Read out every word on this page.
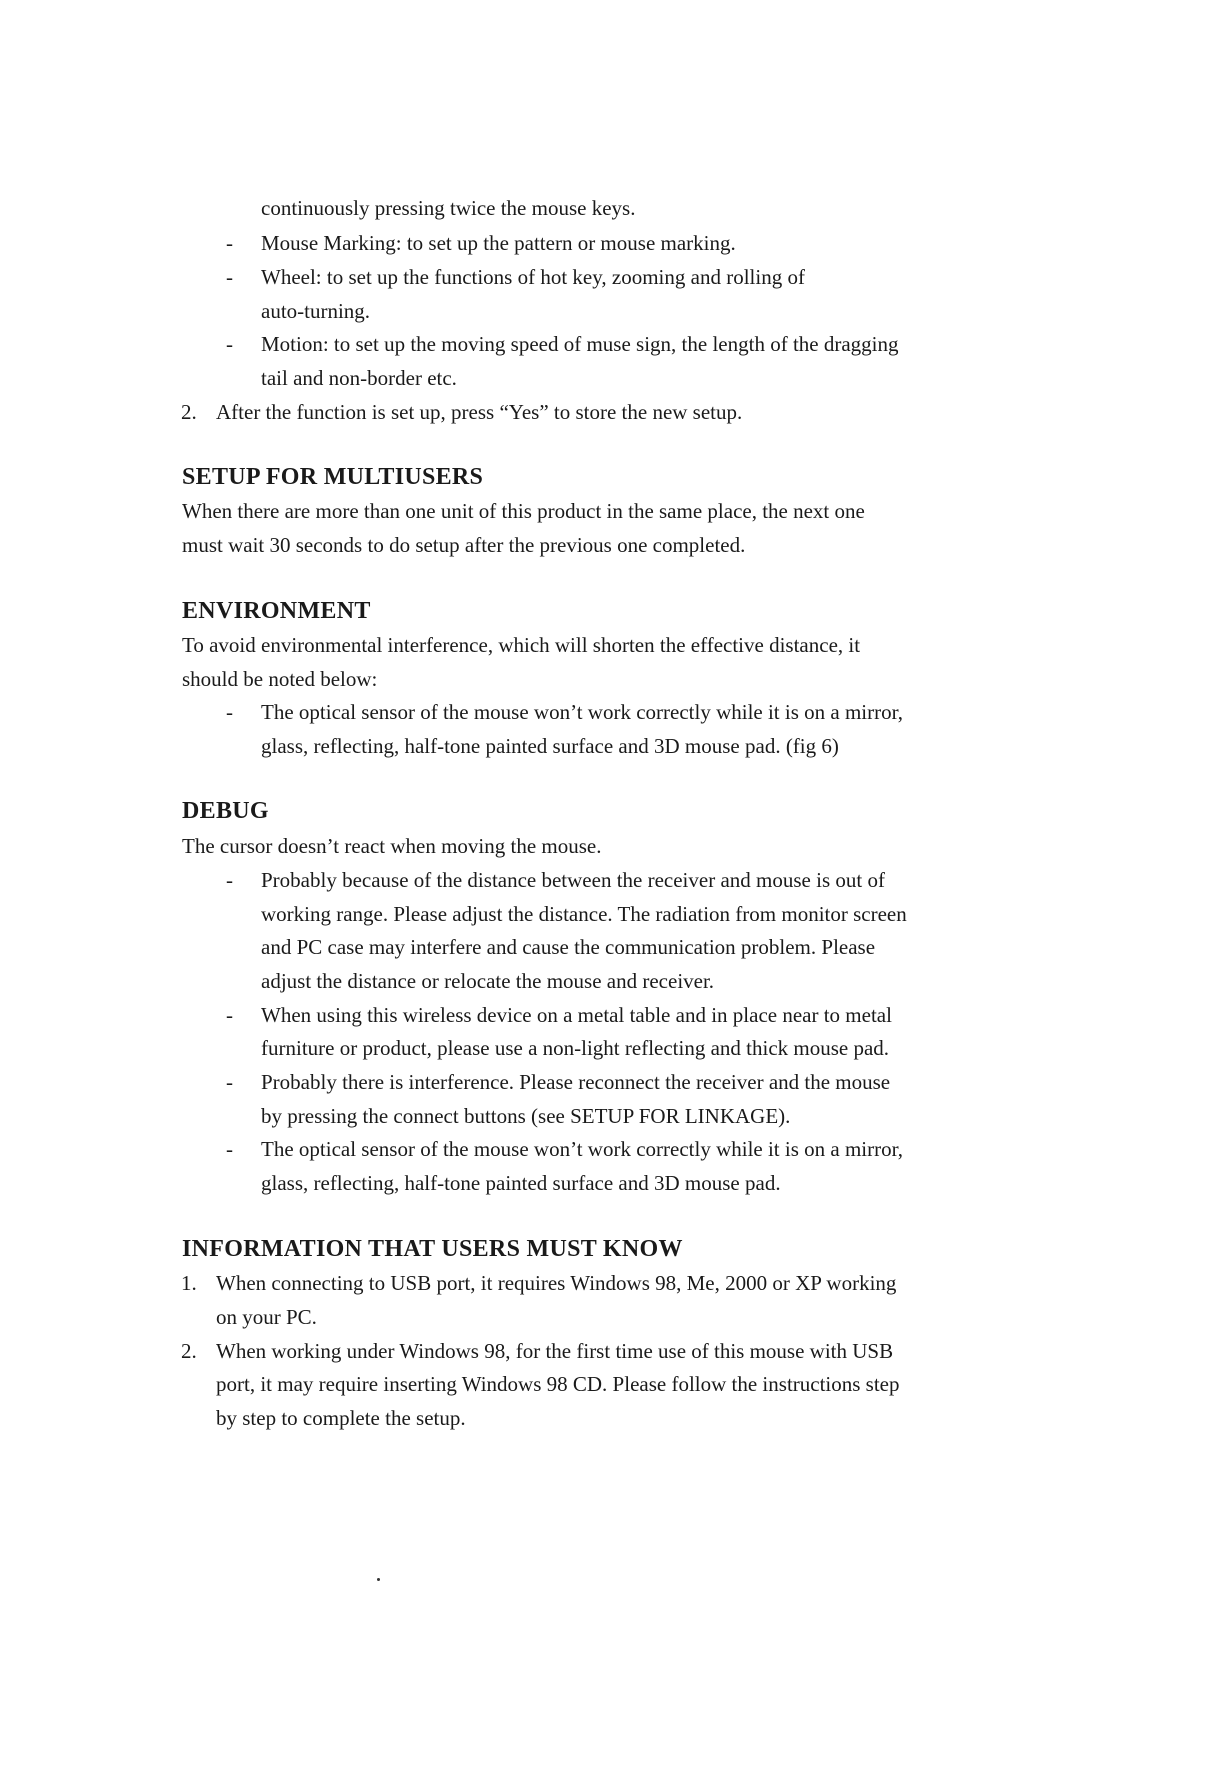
continuously pressing twice the mouse keys.
- Mouse Marking: to set up the pattern or mouse marking.
- Wheel: to set up the functions of hot key, zooming and rolling of
auto-turning.
- Motion: to set up the moving speed of muse sign, the length of the dragging
tail and non-border etc.
2. After the function is set up, press “Yes” to store the new setup.
SETUP FOR MULTIUSERS
When there are more than one unit of this product in the same place, the next one
must wait 30 seconds to do setup after the previous one completed.
ENVIRONMENT
To avoid environmental interference, which will shorten the effective distance, it
should be noted below:
- The optical sensor of the mouse won’t work correctly while it is on a mirror,
glass, reflecting, half-tone painted surface and 3D mouse pad. (fig 6)
DEBUG
The cursor doesn’t react when moving the mouse.
- Probably because of the distance between the receiver and mouse is out of
working range. Please adjust the distance. The radiation from monitor screen
and PC case may interfere and cause the communication problem. Please
adjust the distance or relocate the mouse and receiver.
- When using this wireless device on a metal table and in place near to metal
furniture or product, please use a non-light reflecting and thick mouse pad.
- Probably there is interference. Please reconnect the receiver and the mouse
by pressing the connect buttons (see SETUP FOR LINKAGE).
- The optical sensor of the mouse won’t work correctly while it is on a mirror,
glass, reflecting, half-tone painted surface and 3D mouse pad.
INFORMATION THAT USERS MUST KNOW
1. When connecting to USB port, it requires Windows 98, Me, 2000 or XP working
on your PC.
2. When working under Windows 98, for the first time use of this mouse with USB
port, it may require inserting Windows 98 CD. Please follow the instructions step
by step to complete the setup.
